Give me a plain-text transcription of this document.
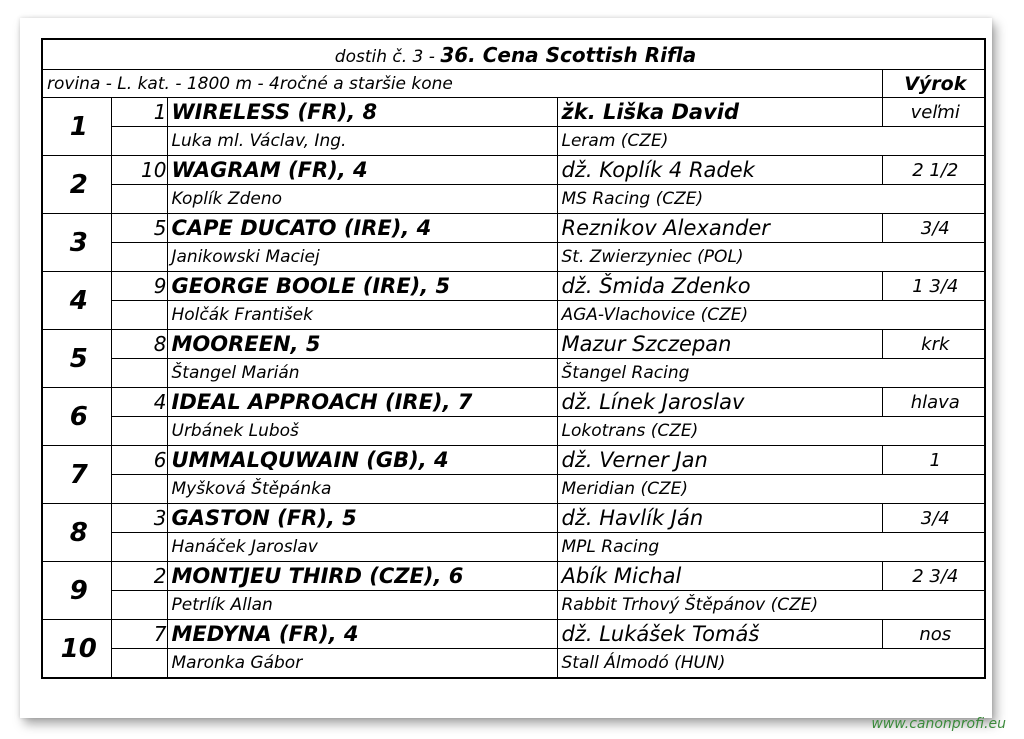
dostih č. 3 - 36. Cena Scottish Rifla				
rovina - L. kat. - 1800 m - 4ročné a staršie kone				Výrok
1	1	WIRELESS (FR), 8	žk. Liška David	veľmi
		Luka ml. Václav, Ing.	Leram (CZE)	
2	10	WAGRAM (FR), 4	dž. Koplík 4 Radek	2 1/2
		Koplík Zdeno	MS Racing (CZE)	
3	5	CAPE DUCATO (IRE), 4	Reznikov Alexander	3/4
		Janikowski Maciej	St. Zwierzyniec (POL)	
4	9	GEORGE BOOLE (IRE), 5	dž. Šmida Zdenko	1 3/4
		Holčák František	AGA-Vlachovice (CZE)	
5	8	MOOREEN, 5	Mazur Szczepan	krk
		Štangel Marián	Štangel Racing	
6	4	IDEAL APPROACH (IRE), 7	dž. Línek Jaroslav	hlava
		Urbánek Luboš	Lokotrans (CZE)	
7	6	UMMALQUWAIN (GB), 4	dž. Verner Jan	1
		Myšková Štěpánka	Meridian (CZE)	
8	3	GASTON (FR), 5	dž. Havlík Ján	3/4
		Hanáček Jaroslav	MPL Racing	
9	2	MONTJEU THIRD (CZE), 6	Abík Michal	2 3/4
		Petrlík Allan	Rabbit Trhový Štěpánov (CZE)	
10	7	MEDYNA (FR), 4	dž. Lukášek Tomáš	nos
		Maronka Gábor	Stall Álmodó (HUN)	
www.canonprofi.eu
